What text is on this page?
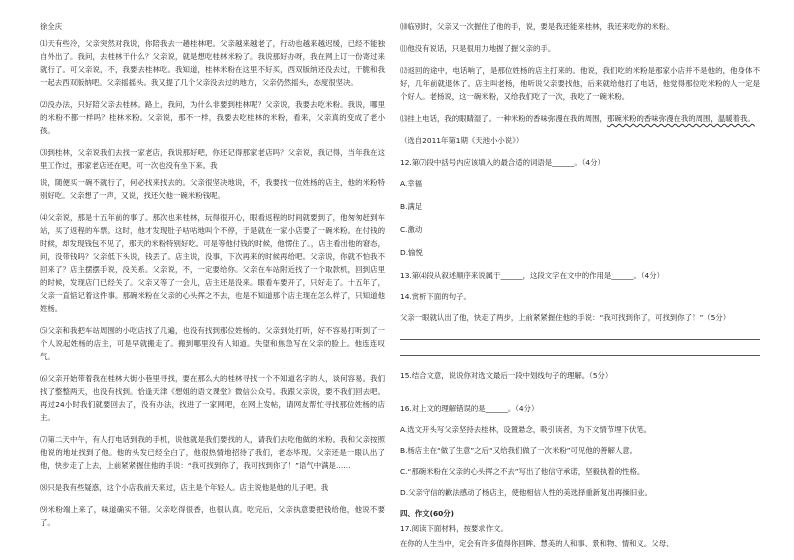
徐全庆

⑴天有些冷，父亲突然对我说，你陪我去一趟桂林吧。父亲越来越老了，行动也越来越迟缓，已经不能独自外出了。我问，去桂林干什么？父亲说，就是想吃桂林米粉了。我说那好办呀，我在网上订一份寄过来就行了。可父亲说，不，我要去桂林吃。我知道，桂林米粉在这里不好买，西双版纳还没去过，干脆和我一起去西双版纳吧。父亲摇摇头。我又提了几个父亲没去过的地方，父亲仍然摇头，态度很坚决。

⑵没办法，只好陪父亲去桂林。路上，我问，为什么非要到桂林呢？父亲说，我要去吃米粉。我说，哪里的米粉不都一样吗？桂林米粉。父亲说，那不一样，我要去吃桂林的米粉，看来，父亲真的变成了老小孩。

⑶到桂林，父亲说我们去找一家老店，我说那好吧，你还记得那家老店吗？父亲说，我记得，当年我在这里工作过，那家老店还在吧，可一次也没有坐下来。我

说，随便买一碗不就行了，何必找来找去的。父亲很坚决地说，不，我要找一位姓杨的店主，他的米粉特别好吃。父亲想了一声，又说，找还欠他一碗米粉钱呢。

⑷父亲说，那是十五年前的事了。那次也来桂林，玩得很开心，眼看返程的时间就要到了，他匆匆赶到车站，买了返程的车票。这时，他才发现肚子咕咕地叫个不停，于是就在一家小店要了一碗米粉。在付钱的时候，却发现钱包不见了，那天的米粉特别好吃。可是等他付钱的时候，他愣住了。，店主看出他的窘态，问，没带钱吗？父亲低下头说，钱丢了。店主说，没事，下次再来的时候再给吧。父亲说，你就不怕我不回来了？店主摆摆手说，没关系。父亲说，不，一定要给你。父亲在车站附近找了一个取款机，回到店里的时候，发现店门已经关了。父亲又等了一会儿，店主还是没来。眼看车要开了，只好走了。十五年了，父亲一直惦记着这件事。那碗米粉在父亲的心头挥之不去，也是不知道那个店主现在怎么样了，只知道他姓杨。

⑸父亲和我把车站周围的小吃店找了几遍，也没有找到那位姓杨的。父亲到处打听，好不容易打听到了一个人说起姓杨的店主，可是早就搬走了。搬到哪里没有人知道。失望和焦急写在父亲的脸上。他连连叹气。

⑹父亲开始带着我在桂林大街小巷里寻找，要在那么大的桂林寻找一个不知道名字的人，谈何容易。我们找了整整两天，也没有找到。恰逢天津《想姐的语文课堂》微信公众号。我跟父亲说，要不我们回去吧。再过24小时我们就要回去了，没有办法，找进了一家网吧，在网上发帖，请网友帮忙寻找那位姓杨的店主。

⑺第二天中午，有人打电话到我的手机，说他就是我们要找的人，请我们去吃他做的米粉。我和父亲按照他说的地址找到了他。他的头发已经全白了，他很热情地招待了我们，老态毕现。父亲还是一眼认出了他，快步走了上去，上前紧紧握住他的手说：“我可找到你了，我可找到你了！”语气中满是……

⑻只是我有些疑惑，这个小店我前天来过，店主是个年轻人。店主说他是他的儿子吧。我

⑼米粉端上来了，味道确实不错。父亲吃得很香，也很认真。吃完后，父亲执意要把钱给他，他说不要了。

⑽临别时，父亲又一次握住了他的手，说，要是我还能来桂林，我还来吃你的米粉。

⑾他没有说话，只是很用力地握了握父亲的手。

⑿返回的途中，电话响了，是那位姓杨的店主打来的。他说，我们吃的米粉是那家小店并不是他的，他身体不好，几年前就退休了。店主叫老杨，他听说父亲要找他，后来就给他打了电话，他觉得那位吃米粉的人一定是个好人。老杨说，这一碗米粉，又给我们吃了一次，我吃了一碗米粉。

⒀挂上电话，我的眼睛湿了。一种米粉的香味弥漫在我的周围，那碗米粉的香味弥漫在我的周围，温暖着我。

（选自2011年第1期《天池小小说》）

12.第⑺段中括号内应该填入的最合适的词语是______。（4分）

A.幸福

B.满足

C.激动

D.愉悦

13.第⑷段从叙述顺序来说属于______，这段文字在文中的作用是______。（4分）

14.赏析下面的句子。

父亲一眼就认出了他，快走了两步，上前紧紧握住他的手说：“我可找到你了，可找到你了！”（5分）

15.结合文意，说说你对选文最后一段中划线句子的理解。（5分）

16.对上文的理解错误的是______。（4分）

A.选文开头写父亲坚持去桂林，设置悬念，吸引读者，为下文情节埋下伏笔。

B.杨店主在“做了生意”之后“又给我们做了一次米粉”可见他的善解人意。

C.“那碗米粉在父亲的心头挥之不去”写出了他信守承诺，坚毅执着的性格。

D.父亲守信的歉法感动了杨店主，使他相信人性的美选择重新复出再操旧业。

四、作文(60分)

17.阅读下面材料，按要求作文。

在你的人生当中，定会有许多值得你回眸、慧美的人和事、景和物、情和义。父母、
